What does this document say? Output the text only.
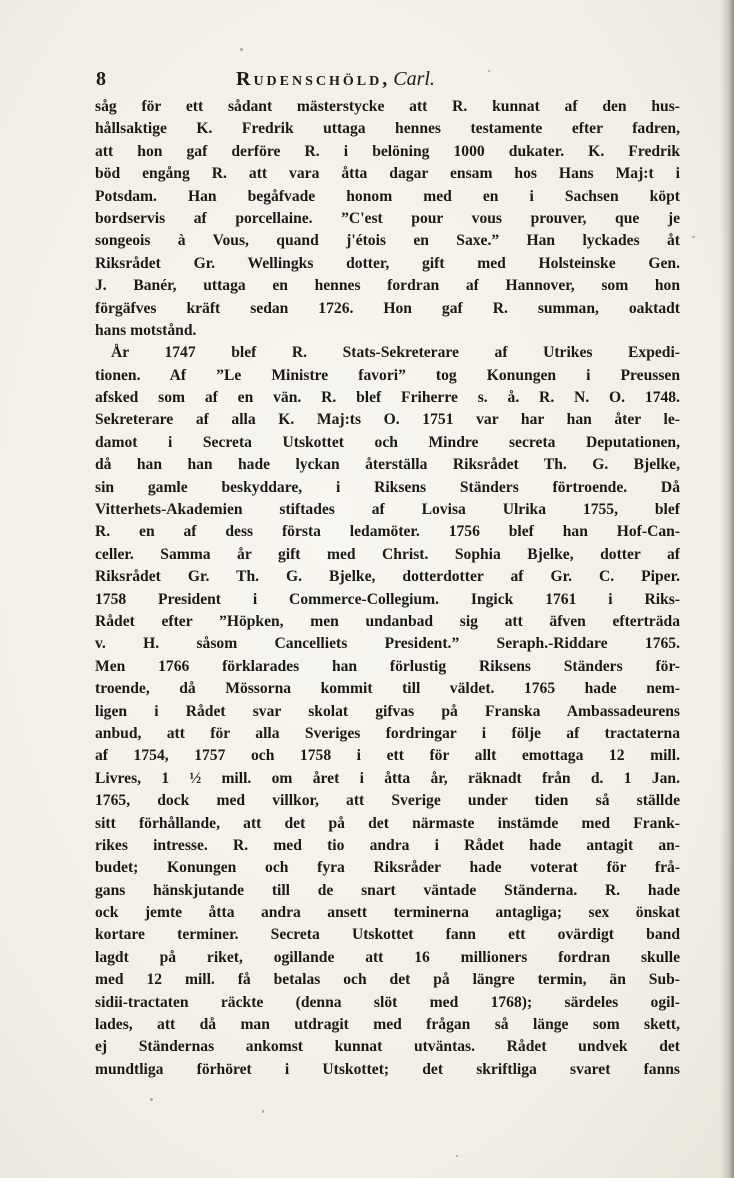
8	Rudenschöld, Carl.
såg för ett sådant mästerstycke att R. kunnat af den hus-
hållsaktige K. Fredrik uttaga hennes testamente efter fadren,
att hon gaf derföre R. i belöning 1000 dukater. K. Fredrik
böd engång R. att vara åtta dagar ensam hos Hans Maj:t i
Potsdam. Han begåfvade honom med en i Sachsen köpt
bordservis af porcellaine. ”C'est pour vous prouver, que je
songeois à Vous, quand j'étois en Saxe.” Han lyckades åt
Riksrådet Gr. Wellingks dotter, gift med Holsteinske Gen.
J. Banér, uttaga en hennes fordran af Hannover, som hon
förgäfves kräft sedan 1726. Hon gaf R. summan, oaktadt
hans motstånd.
År 1747 blef R. Stats-Sekreterare af Utrikes Expedi-
tionen. Af ”Le Ministre favori” tog Konungen i Preussen
afsked som af en vän. R. blef Friherre s. å. R. N. O. 1748.
Sekreterare af alla K. Maj:ts O. 1751 var har han åter le-
damot i Secreta Utskottet och Mindre secreta Deputationen,
då han han hade lyckan återställa Riksrådet Th. G. Bjelke,
sin gamle beskyddare, i Riksens Ständers förtroende. Då
Vitterhets-Akademien stiftades af Lovisa Ulrika 1755, blef
R. en af dess första ledamöter. 1756 blef han Hof-Can-
celler. Samma år gift med Christ. Sophia Bjelke, dotter af
Riksrådet Gr. Th. G. Bjelke, dotterdotter af Gr. C. Piper.
1758 President i Commerce-Collegium. Ingick 1761 i Riks-
Rådet efter ”Höpken, men undanbad sig att äfven efterträda
v. H. såsom Cancelliets President.” Seraph.-Riddare 1765.
Men 1766 förklarades han förlustig Riksens Ständers för-
troende, då Mössorna kommit till väldet. 1765 hade nem-
ligen i Rådet svar skolat gifvas på Franska Ambassadeurens
anbud, att för alla Sveriges fordringar i följe af tractaterna
af 1754, 1757 och 1758 i ett för allt emottaga 12 mill.
Livres, 1 ½ mill. om året i åtta år, räknadt från d. 1 Jan.
1765, dock med villkor, att Sverige under tiden så ställde
sitt förhållande, att det på det närmaste instämde med Frank-
rikes intresse. R. med tio andra i Rådet hade antagit an-
budet; Konungen och fyra Riksråder hade voterat för frå-
gans hänskjutande till de snart väntade Ständerna. R. hade
ock jemte åtta andra ansett terminerna antagliga; sex önskat
kortare terminer. Secreta Utskottet fann ett ovärdigt band
lagdt på riket, ogillande att 16 millioners fordran skulle
med 12 mill. få betalas och det på längre termin, än Sub-
sidii-tractaten räckte (denna slöt med 1768); särdeles ogil-
lades, att då man utdragit med frågan så länge som skett,
ej Ständernas ankomst kunnat utväntas. Rådet undvek det
mundtliga förhöret i Utskottet; det skriftliga svaret fanns
